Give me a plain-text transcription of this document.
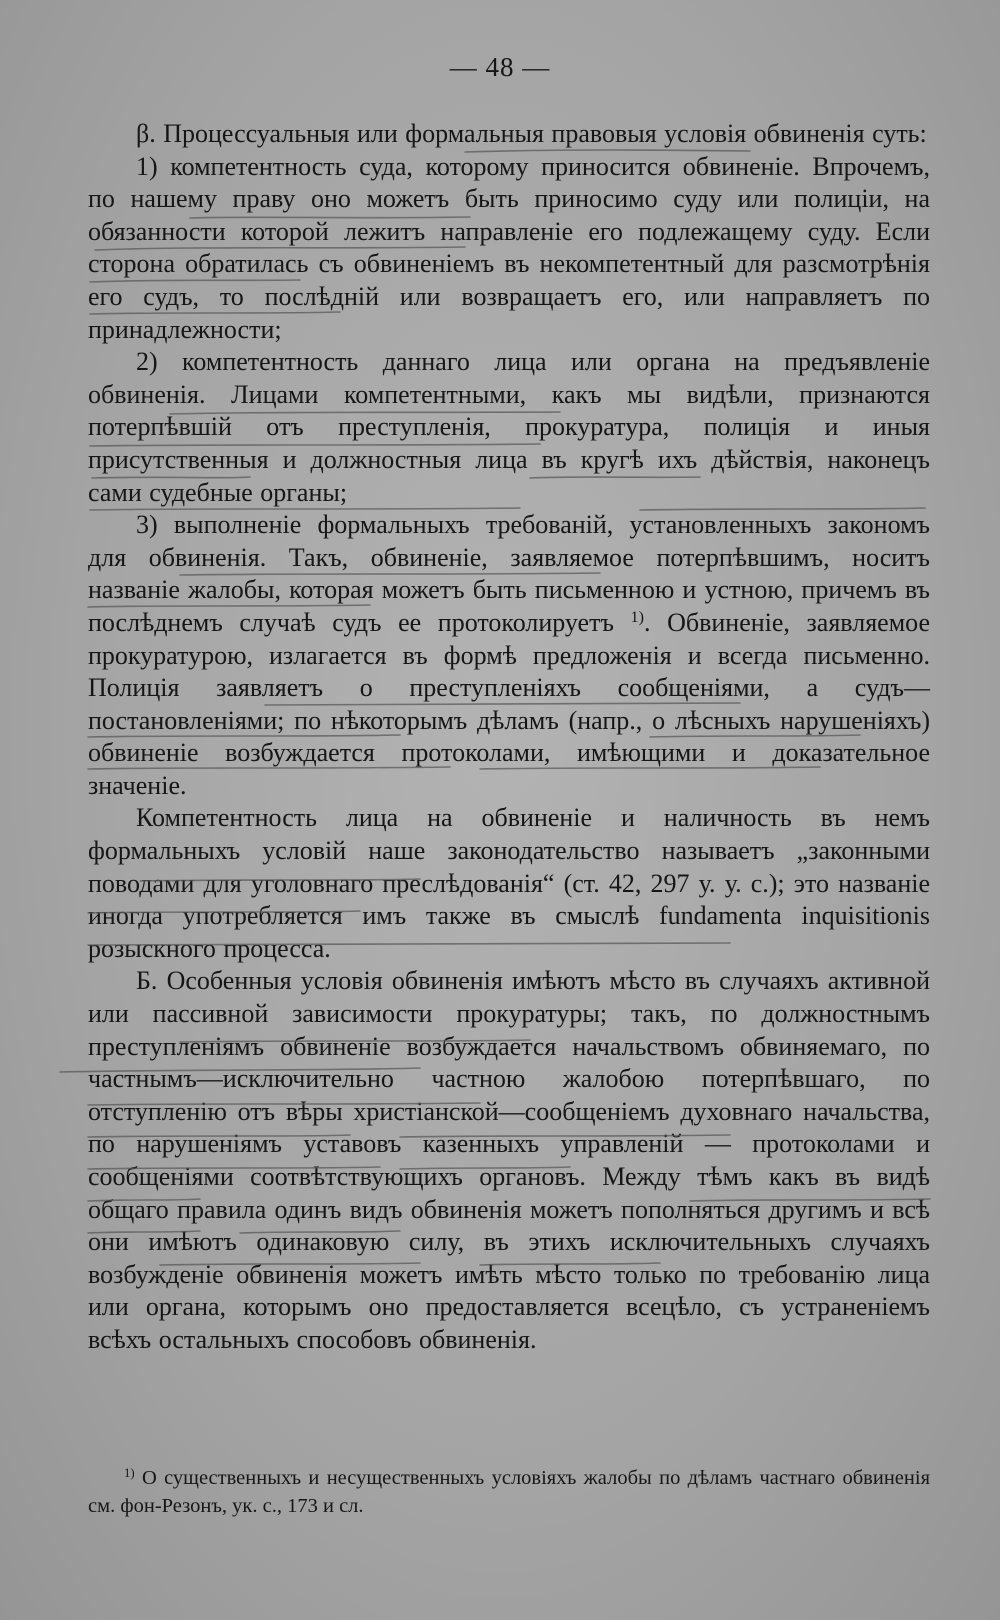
— 48 —

β. Процессуальныя или формальныя правовыя условія обвиненія суть:

1) компетентность суда, которому приносится обвиненіе. Впрочемъ, по нашему праву оно можетъ быть приносимо суду или полиціи, на обязанности которой лежитъ направленіе его подлежащему суду. Если сторона обратилась съ обвиненіемъ въ некомпетентный для разсмотрѣнія его судъ, то послѣдній или возвращаетъ его, или направляетъ по принадлежности;

2) компетентность даннаго лица или органа на предъявленіе обвиненія. Лицами компетентными, какъ мы видѣли, признаются потерпѣвшій отъ преступленія, прокуратура, полиція и иныя присутственныя и должностныя лица въ кругѣ ихъ дѣйствія, наконецъ сами судебные органы;

3) выполненіе формальныхъ требованій, установленныхъ закономъ для обвиненія. Такъ, обвиненіе, заявляемое потерпѣвшимъ, носитъ названіе жалобы, которая можетъ быть письменною и устною, причемъ въ послѣднемъ случаѣ судъ ее протоколируетъ $^{1)}$. Обвиненіе, заявляемое прокуратурою, излагается въ формѣ предложенія и всегда письменно. Полиція заявляетъ о преступленіяхъ сообщеніями, а судъ—постановленіями; по нѣкоторымъ дѣламъ (напр., о лѣсныхъ нарушеніяхъ) обвиненіе возбуждается протоколами, имѣющими и доказательное значеніе.

Компетентность лица на обвиненіе и наличность въ немъ формальныхъ условій наше законодательство называетъ „законными поводами для уголовнаго преслѣдованія“ (ст. 42, 297 у. у. с.); это названіе иногда употребляется имъ также въ смыслѣ fundamenta inquisitionis розыскного процесса.

Б. Особенныя условія обвиненія имѣютъ мѣсто въ случаяхъ активной или пассивной зависимости прокуратуры; такъ, по должностнымъ преступленіямъ обвиненіе возбуждается начальствомъ обвиняемаго, по частнымъ—исключительно частною жалобою потерпѣвшаго, по отступленію отъ вѣры христіанской—сообщеніемъ духовнаго начальства, по нарушеніямъ уставовъ казенныхъ управленій — протоколами и сообщеніями соотвѣтствующихъ органовъ. Между тѣмъ какъ въ видѣ общаго правила одинъ видъ обвиненія можетъ пополняться другимъ и всѣ они имѣютъ одинаковую силу, въ этихъ исключительныхъ случаяхъ возбужденіе обвиненія можетъ имѣть мѣсто только по требованію лица или органа, которымъ оно предоставляется всецѣло, съ устраненіемъ всѣхъ остальныхъ способовъ обвиненія.

$^{1)}$ О существенныхъ и несущественныхъ условіяхъ жалобы по дѣламъ частнаго обвиненія см. фон-Резонъ, ук. с., 173 и сл.
